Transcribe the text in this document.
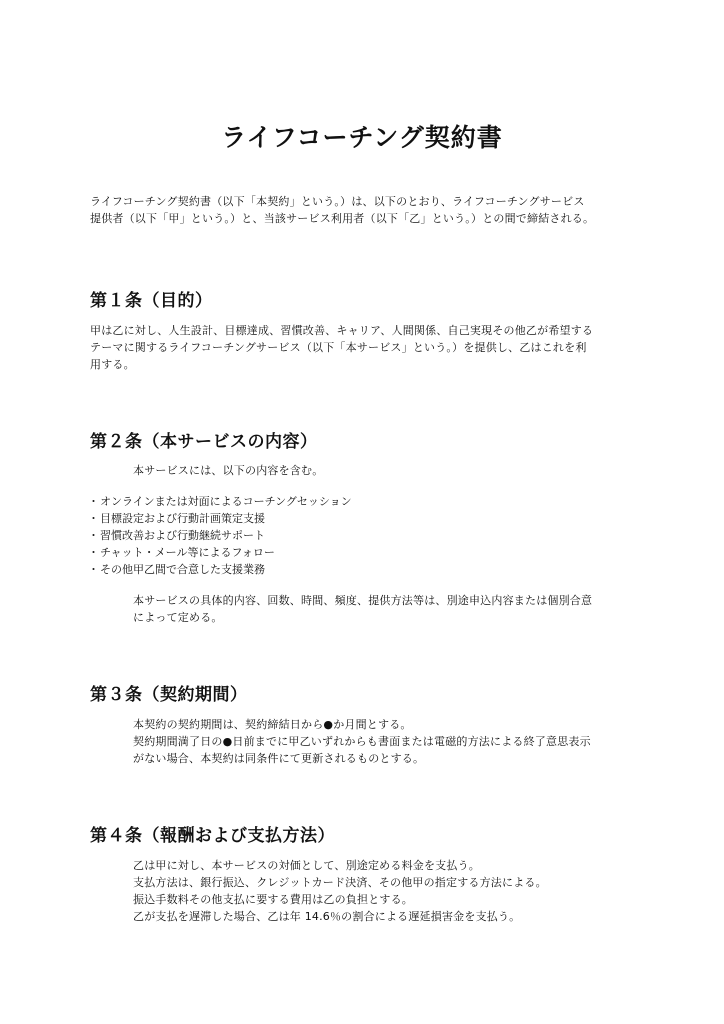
ライフコーチング契約書

ライフコーチング契約書（以下「本契約」という。）は、以下のとおり、ライフコーチングサービス

提供者（以下「甲」という。）と、当該サービス利用者（以下「乙」という。）との間で締結される。

第１条（目的）

甲は乙に対し、人生設計、目標達成、習慣改善、キャリア、人間関係、自己実現その他乙が希望する

テーマに関するライフコーチングサービス（以下「本サービス」という。）を提供し、乙はこれを利

用する。

第２条（本サービスの内容）

本サービスには、以下の内容を含む。

・オンラインまたは対面によるコーチングセッション
・目標設定および行動計画策定支援
・習慣改善および行動継続サポート
・チャット・メール等によるフォロー
・その他甲乙間で合意した支援業務

本サービスの具体的内容、回数、時間、頻度、提供方法等は、別途申込内容または個別合意

によって定める。

第３条（契約期間）

本契約の契約期間は、契約締結日から●か月間とする。

契約期間満了日の●日前までに甲乙いずれからも書面または電磁的方法による終了意思表示

がない場合、本契約は同条件にて更新されるものとする。

第４条（報酬および支払方法）

乙は甲に対し、本サービスの対価として、別途定める料金を支払う。

支払方法は、銀行振込、クレジットカード決済、その他甲の指定する方法による。

振込手数料その他支払に要する費用は乙の負担とする。

乙が支払を遅滞した場合、乙は年 14.6％の割合による遅延損害金を支払う。
